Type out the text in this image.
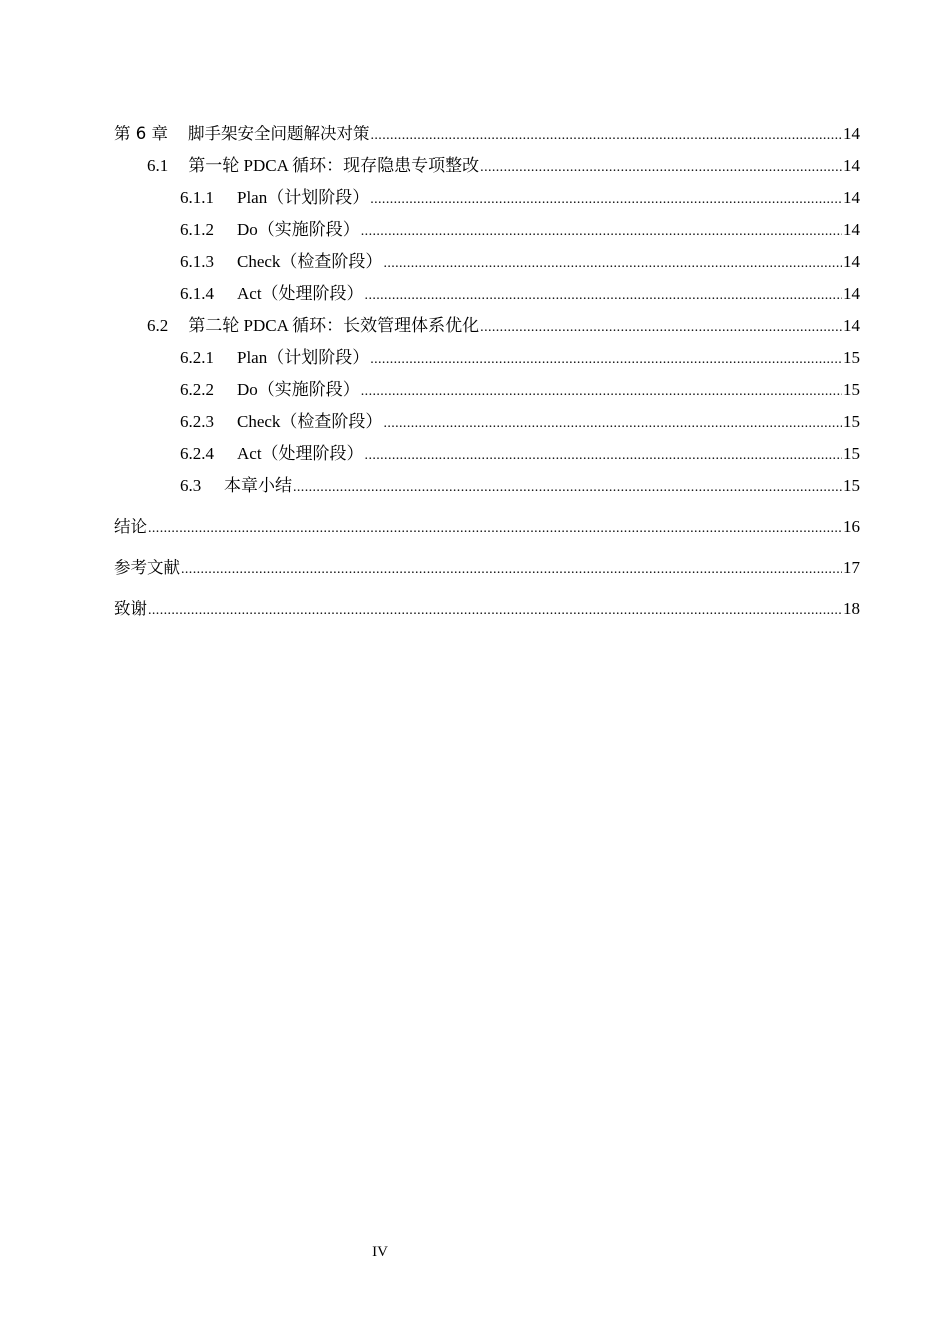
第 6 章 脚手架安全问题解决对策 .....	14
6.1 第一轮 PDCA 循环：现存隐患专项整改 .....	14
6.1.1	Plan（计划阶段） .....	14
6.1.2	Do（实施阶段） .....	14
6.1.3	Check（检查阶段） .....	14
6.1.4	Act（处理阶段） .....	14
6.2 第二轮 PDCA 循环：长效管理体系优化 .....	14
6.2.1	Plan（计划阶段） .....	15
6.2.2	Do（实施阶段） .....	15
6.2.3	Check（检查阶段） .....	15
6.2.4	Act（处理阶段） .....	15
6.3	本章小结 .....	15
结论 .....	16
参考文献 .....	17
致谢 .....	18
IV
